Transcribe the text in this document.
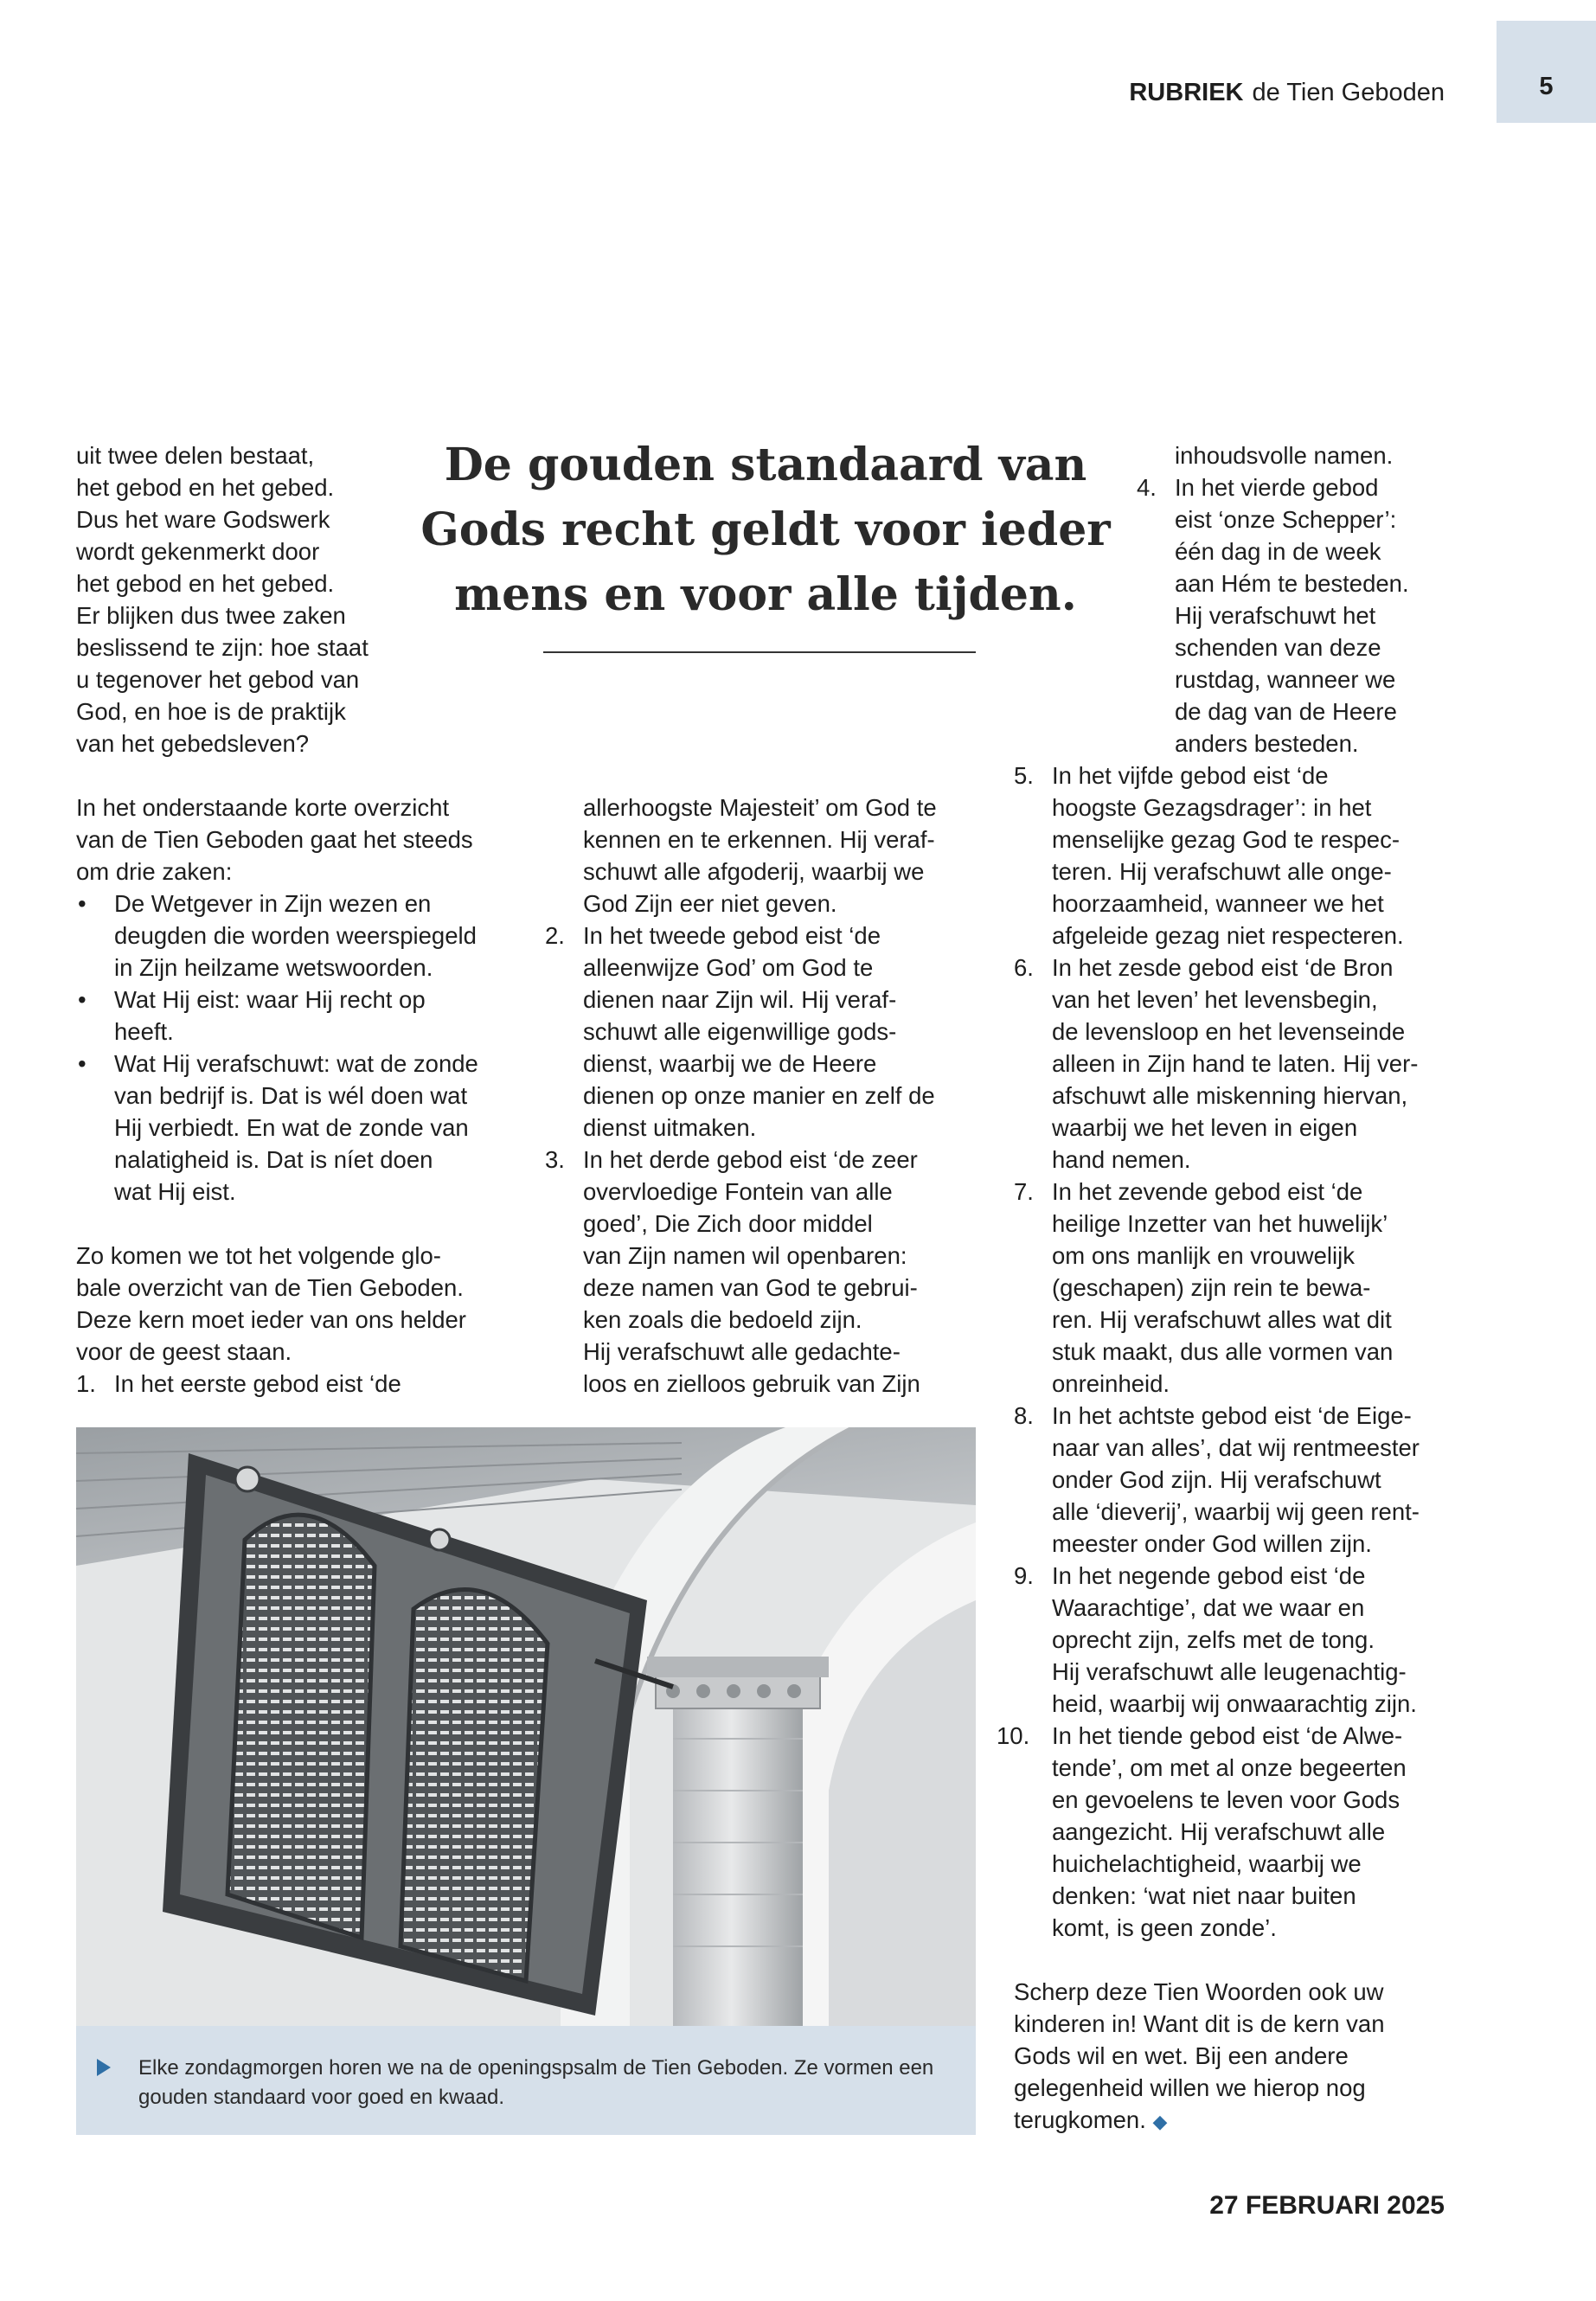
5
RUBRIEK de Tien Geboden
De gouden standaard van
Gods recht geldt voor ieder
mens en voor alle tijden.
uit twee delen bestaat,
het gebod en het gebed.
Dus het ware Godswerk
wordt gekenmerkt door
het gebod en het gebed.
Er blijken dus twee zaken
beslissend te zijn: hoe staat
u tegenover het gebod van
God, en hoe is de praktijk
van het gebedsleven?
In het onderstaande korte overzicht
van de Tien Geboden gaat het steeds
om drie zaken:
• De Wetgever in Zijn wezen en
deugden die worden weerspiegeld
in Zijn heilzame wetswoorden.
• Wat Hij eist: waar Hij recht op
heeft.
• Wat Hij verafschuwt: wat de zonde
van bedrijf is. Dat is wél doen wat
Hij verbiedt. En wat de zonde van
nalatigheid is. Dat is níet doen
wat Hij eist.
Zo komen we tot het volgende glo-
bale overzicht van de Tien Geboden.
Deze kern moet ieder van ons helder
voor de geest staan.
1. In het eerste gebod eist ‘de
allerhoogste Majesteit’ om God te
kennen en te erkennen. Hij veraf-
schuwt alle afgoderij, waarbij we
God Zijn eer niet geven.
2. In het tweede gebod eist ‘de
alleenwijze God’ om God te
dienen naar Zijn wil. Hij veraf-
schuwt alle eigenwillige gods-
dienst, waarbij we de Heere
dienen op onze manier en zelf de
dienst uitmaken.
3. In het derde gebod eist ‘de zeer
overvloedige Fontein van alle
goed’, Die Zich door middel
van Zijn namen wil openbaren:
deze namen van God te gebrui-
ken zoals die bedoeld zijn.
Hij verafschuwt alle gedachte-
loos en zielloos gebruik van Zijn
inhoudsvolle namen.
4. In het vierde gebod
eist ‘onze Schepper’:
één dag in de week
aan Hém te besteden.
Hij verafschuwt het
schenden van deze
rustdag, wanneer we
de dag van de Heere
anders besteden.
5. In het vijfde gebod eist ‘de
hoogste Gezagsdrager’: in het
menselijke gezag God te respec-
teren. Hij verafschuwt alle onge-
hoorzaamheid, wanneer we het
afgeleide gezag niet respecteren.
6. In het zesde gebod eist ‘de Bron
van het leven’ het levensbegin,
de levensloop en het levenseinde
alleen in Zijn hand te laten. Hij ver-
afschuwt alle miskenning hiervan,
waarbij we het leven in eigen
hand nemen.
7. In het zevende gebod eist ‘de
heilige Inzetter van het huwelijk’
om ons manlijk en vrouwelijk
(geschapen) zijn rein te bewa-
ren. Hij verafschuwt alles wat dit
stuk maakt, dus alle vormen van
onreinheid.
8. In het achtste gebod eist ‘de Eige-
naar van alles’, dat wij rentmeester
onder God zijn. Hij verafschuwt
alle ‘dieverij’, waarbij wij geen rent-
meester onder God willen zijn.
9. In het negende gebod eist ‘de
Waarachtige’, dat we waar en
oprecht zijn, zelfs met de tong.
Hij verafschuwt alle leugenachtig-
heid, waarbij wij onwaarachtig zijn.
10. In het tiende gebod eist ‘de Alwe-
tende’, om met al onze begeerten
en gevoelens te leven voor Gods
aangezicht. Hij verafschuwt alle
huichelachtigheid, waarbij we
denken: ‘wat niet naar buiten
komt, is geen zonde’.
Scherp deze Tien Woorden ook uw
kinderen in! Want dit is de kern van
Gods wil en wet. Bij een andere
gelegenheid willen we hierop nog
terugkomen. ◆
Elke zondagmorgen horen we na de openingspsalm de Tien Geboden. Ze vormen een
gouden standaard voor goed en kwaad.
27 FEBRUARI 2025
